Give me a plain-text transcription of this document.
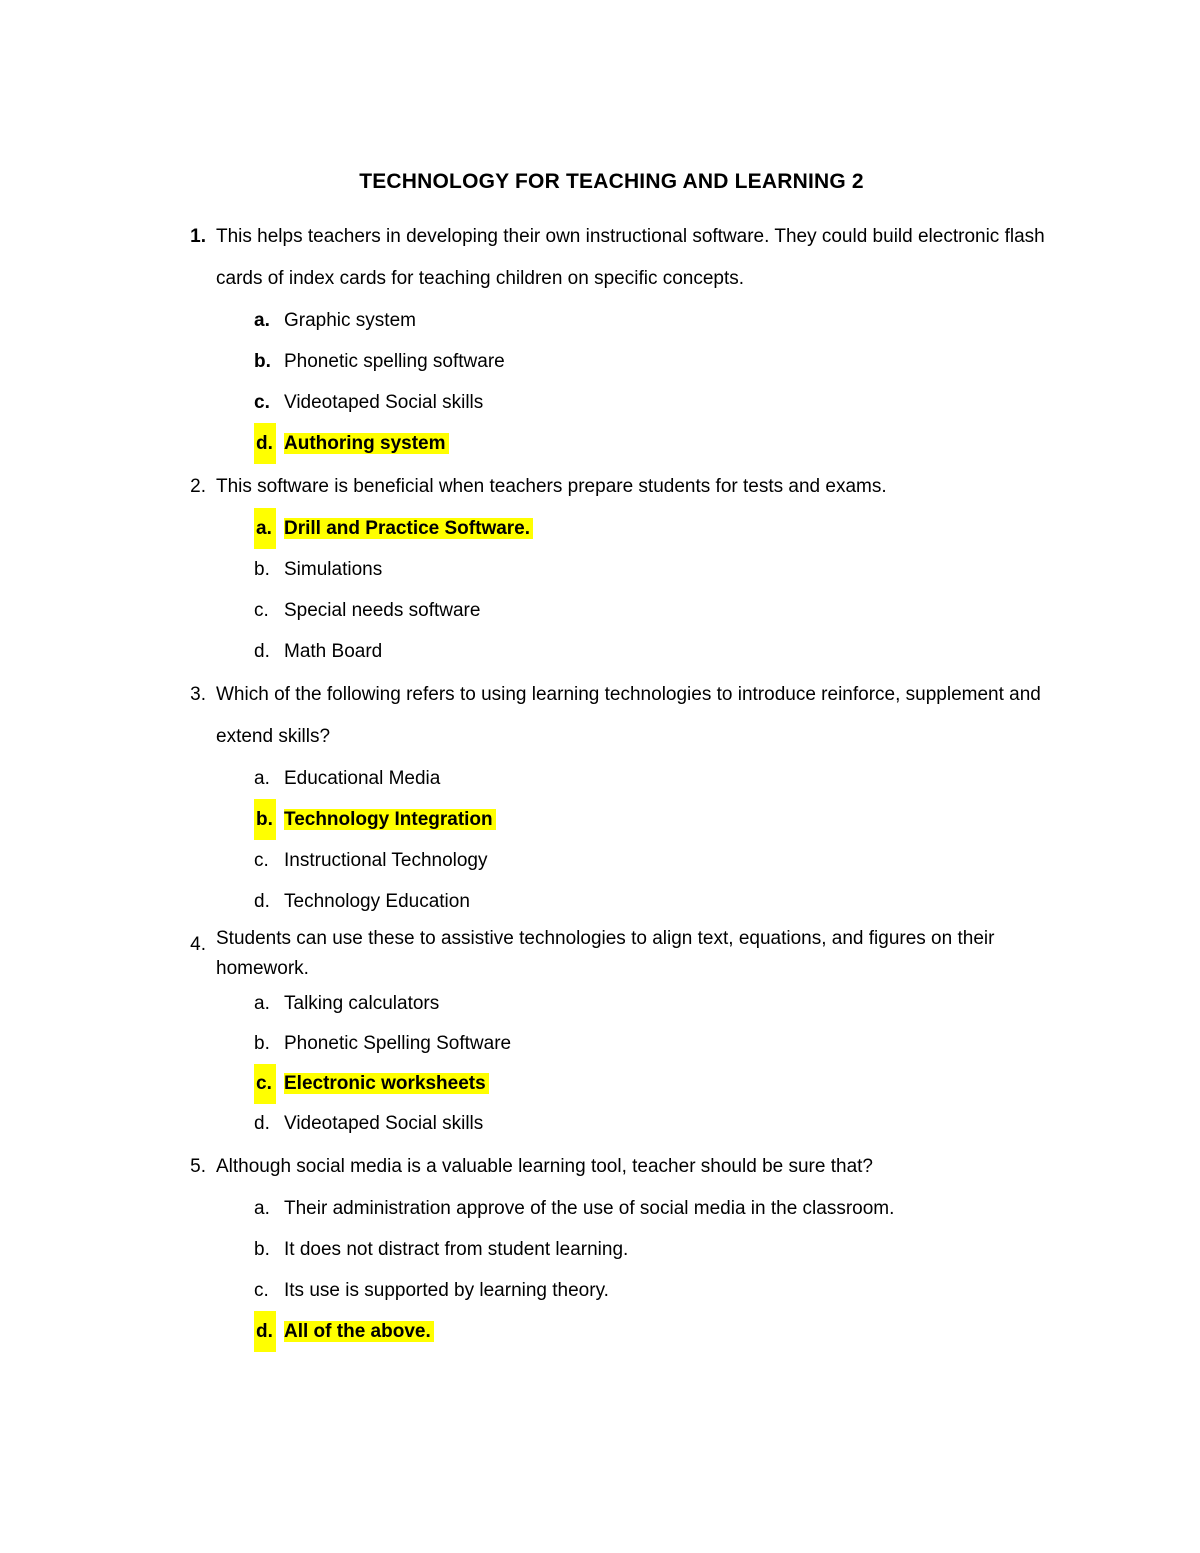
TECHNOLOGY FOR TEACHING AND LEARNING 2
1. This helps teachers in developing their own instructional software. They could build electronic flash cards of index cards for teaching children on specific concepts.

a. Graphic system
b. Phonetic spelling software
c. Videotaped Social skills
d. Authoring system
2. This software is beneficial when teachers prepare students for tests and exams.

a. Drill and Practice Software.
b. Simulations
c. Special needs software
d. Math Board
3. Which of the following refers to using learning technologies to introduce reinforce, supplement and extend skills?

a. Educational Media
b. Technology Integration
c. Instructional Technology
d. Technology Education
4. Students can use these to assistive technologies to align text, equations, and figures on their homework.

a. Talking calculators
b. Phonetic Spelling Software
c. Electronic worksheets
d. Videotaped Social skills
5. Although social media is a valuable learning tool, teacher should be sure that?

a. Their administration approve of the use of social media in the classroom.
b. It does not distract from student learning.
c. Its use is supported by learning theory.
d. All of the above.
